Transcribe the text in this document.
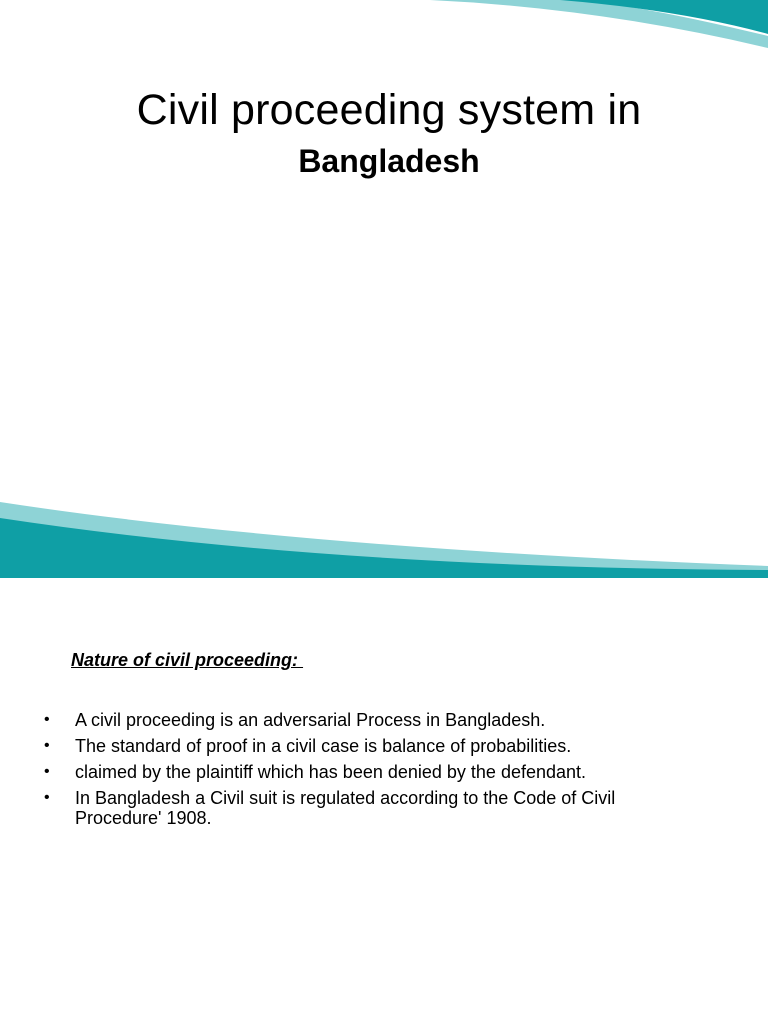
Civil proceeding system in
Bangladesh
Nature of civil proceeding:
• A civil proceeding is an adversarial Process in Bangladesh.
• The standard of proof in a civil case is balance of probabilities.
• claimed by the plaintiff which has been denied by the defendant.
• In Bangladesh a Civil suit is regulated according to the Code of Civil Procedure' 1908.
